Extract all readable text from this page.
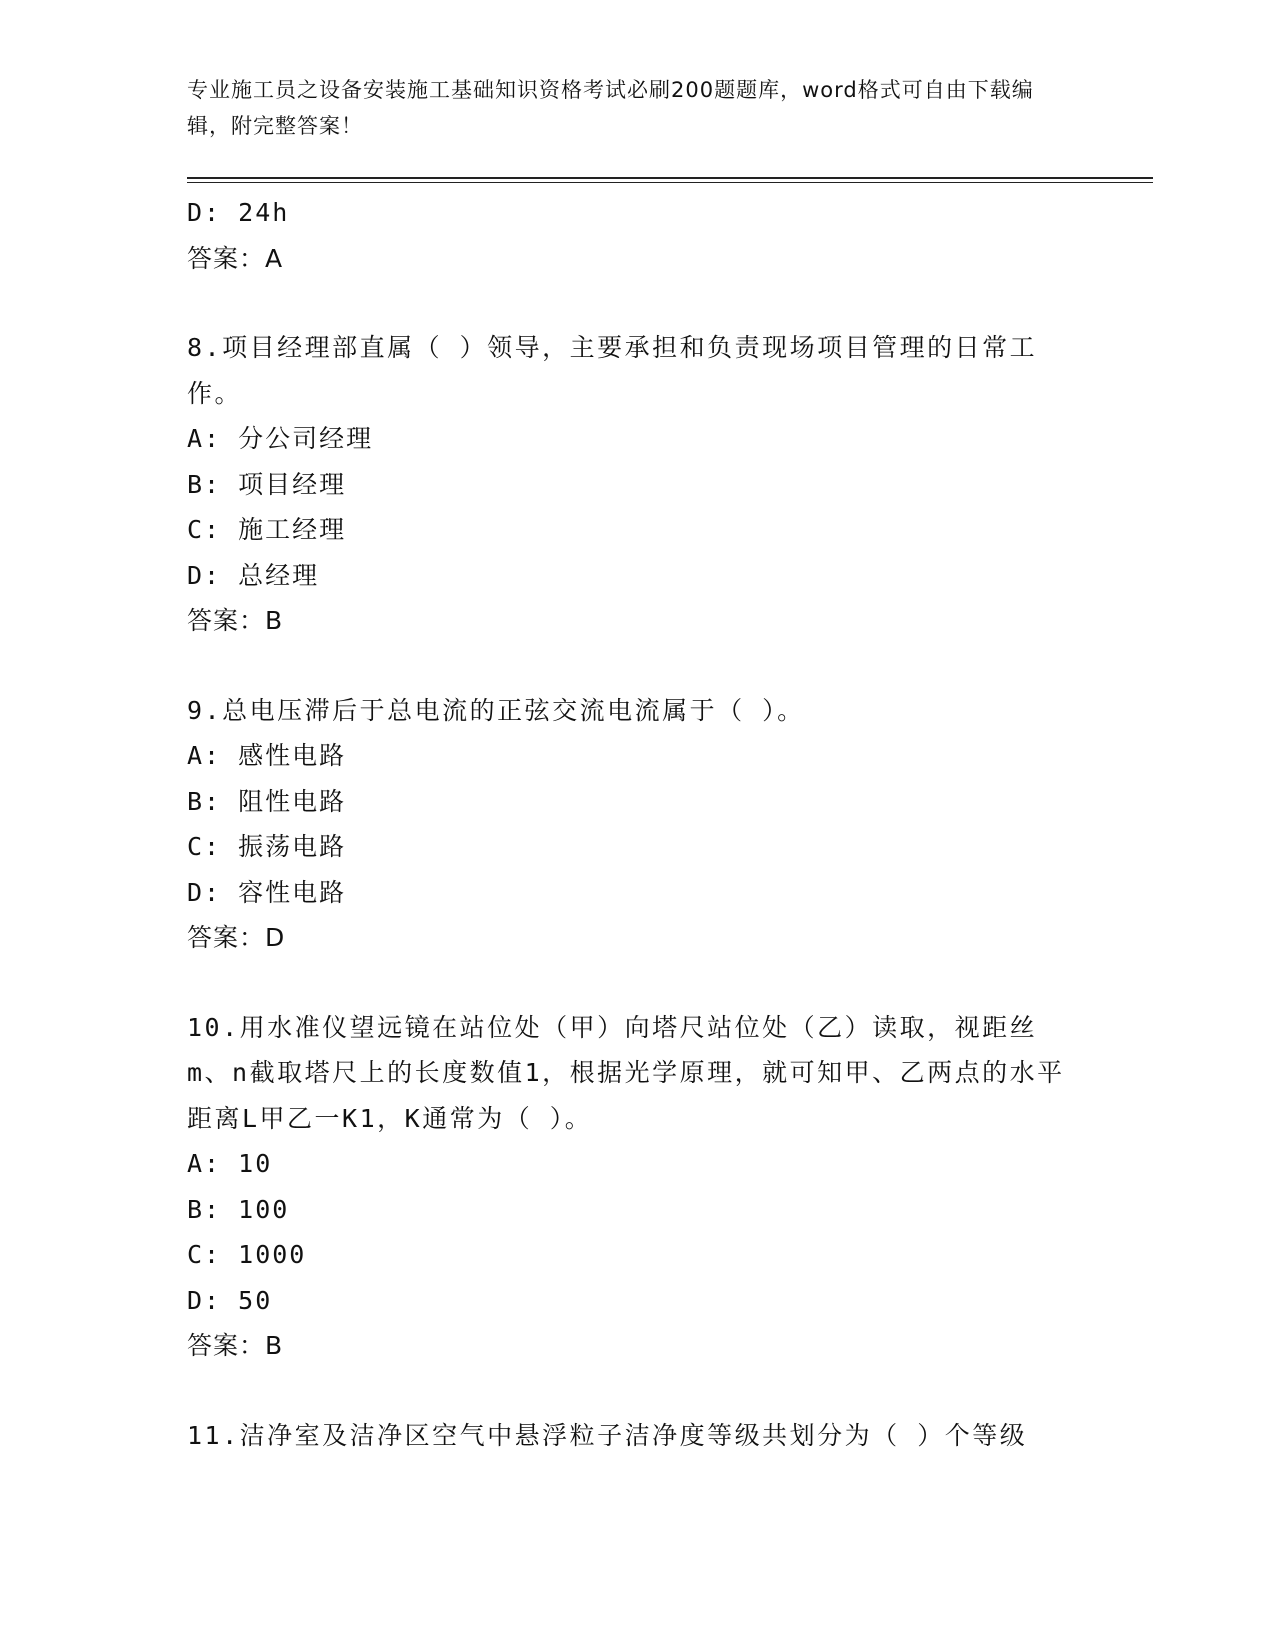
专业施工员之设备安装施工基础知识资格考试必刷200题题库，word格式可自由下载编辑，附完整答案！
D: 24h
答案：A
8.项目经理部直属（ ）领导，主要承担和负责现场项目管理的日常工作。
A: 分公司经理
B: 项目经理
C: 施工经理
D: 总经理
答案：B
9.总电压滞后于总电流的正弦交流电流属于（ ）。
A: 感性电路
B: 阻性电路
C: 振荡电路
D: 容性电路
答案：D
10.用水准仪望远镜在站位处（甲）向塔尺站位处（乙）读取，视距丝m、n截取塔尺上的长度数值1，根据光学原理，就可知甲、乙两点的水平距离L甲乙一K1，K通常为（ ）。
A: 10
B: 100
C: 1000
D: 50
答案：B
11.洁净室及洁净区空气中悬浮粒子洁净度等级共划分为（ ）个等级
